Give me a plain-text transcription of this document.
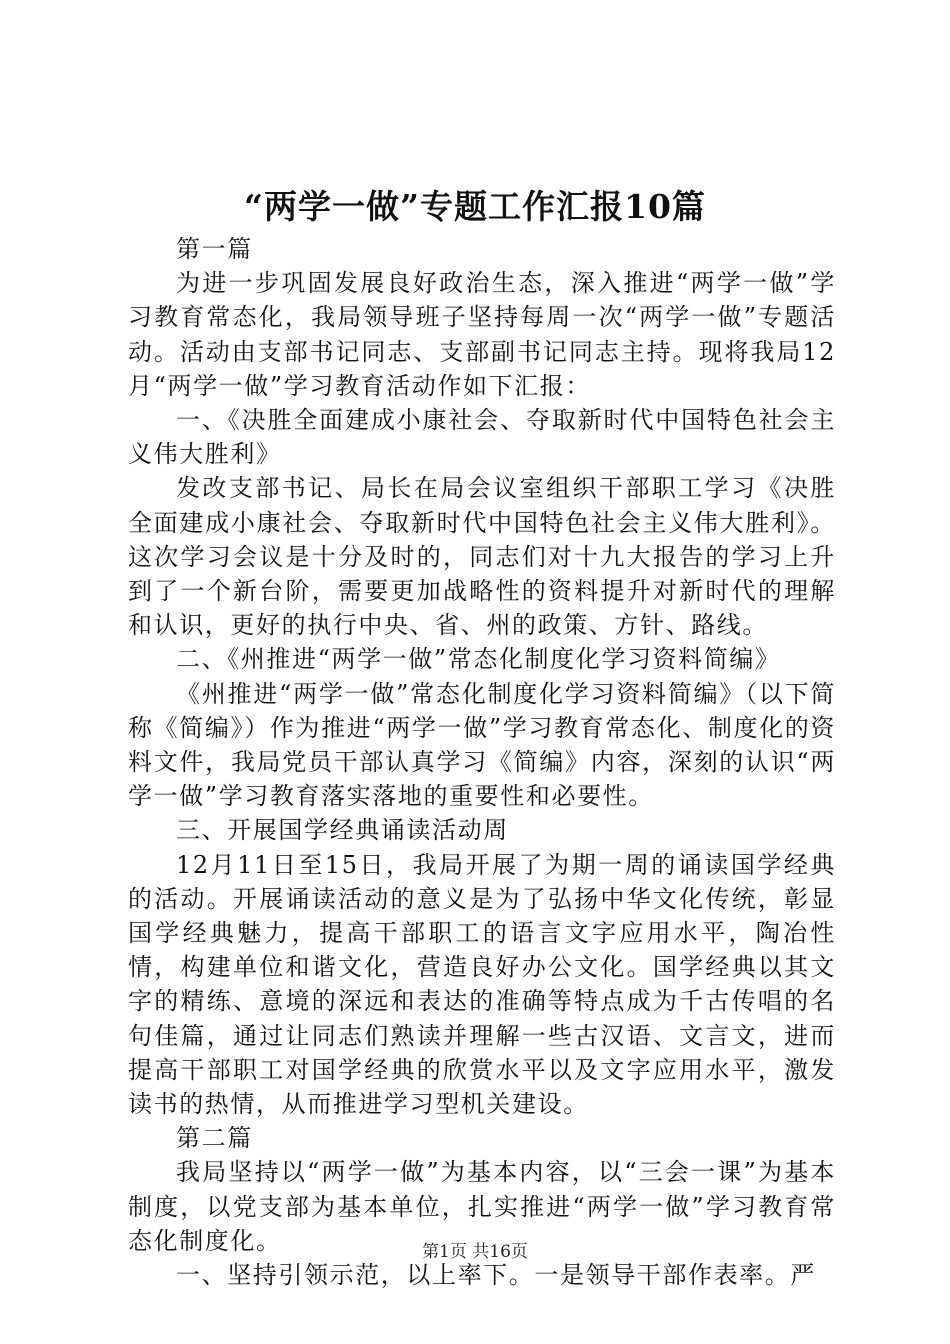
“两学一做”专题工作汇报10篇

第一篇

为进一步巩固发展良好政治生态，深入推进“两学一做”学习教育常态化，我局领导班子坚持每周一次“两学一做”专题活动。活动由支部书记同志、支部副书记同志主持。现将我局12月“两学一做”学习教育活动作如下汇报：

一、《决胜全面建成小康社会、夺取新时代中国特色社会主义伟大胜利》

发改支部书记、局长在局会议室组织干部职工学习《决胜全面建成小康社会、夺取新时代中国特色社会主义伟大胜利》。这次学习会议是十分及时的，同志们对十九大报告的学习上升到了一个新台阶，需要更加战略性的资料提升对新时代的理解和认识，更好的执行中央、省、州的政策、方针、路线。

二、《州推进“两学一做”常态化制度化学习资料简编》

《州推进“两学一做”常态化制度化学习资料简编》（以下简称《简编》）作为推进“两学一做”学习教育常态化、制度化的资料文件，我局党员干部认真学习《简编》内容，深刻的认识“两学一做”学习教育落实落地的重要性和必要性。

三、开展国学经典诵读活动周

12月11日至15日，我局开展了为期一周的诵读国学经典的活动。开展诵读活动的意义是为了弘扬中华文化传统，彰显国学经典魅力，提高干部职工的语言文字应用水平，陶冶性情，构建单位和谐文化，营造良好办公文化。国学经典以其文字的精练、意境的深远和表达的准确等特点成为千古传唱的名句佳篇，通过让同志们熟读并理解一些古汉语、文言文，进而提高干部职工对国学经典的欣赏水平以及文字应用水平，激发读书的热情，从而推进学习型机关建设。

第二篇

我局坚持以“两学一做”为基本内容，以“三会一课”为基本制度，以党支部为基本单位，扎实推进“两学一做”学习教育常态化制度化。

一、坚持引领示范，以上率下。一是领导干部作表率。严

第1页 共16页
